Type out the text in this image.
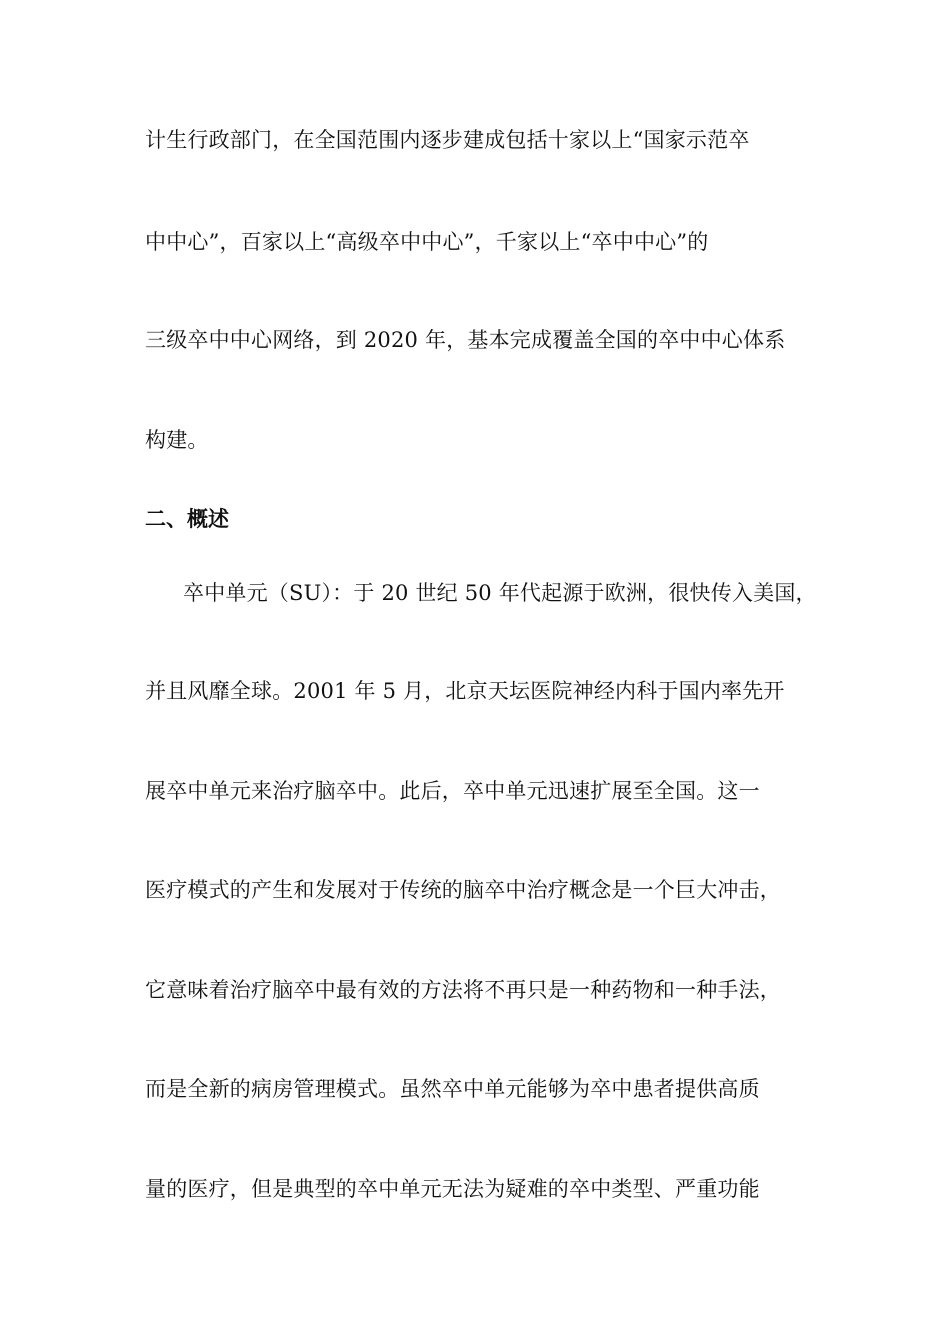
计生行政部门，在全国范围内逐步建成包括十家以上“国家示范卒
中中心”，百家以上“高级卒中中心”，千家以上“卒中中心”的
三级卒中中心网络，到 2020 年，基本完成覆盖全国的卒中中心体系
构建。
二、概述
卒中单元（SU）：于 20 世纪 50 年代起源于欧洲，很快传入美国，
并且风靡全球。2001 年 5 月，北京天坛医院神经内科于国内率先开
展卒中单元来治疗脑卒中。此后，卒中单元迅速扩展至全国。这一
医疗模式的产生和发展对于传统的脑卒中治疗概念是一个巨大冲击，
它意味着治疗脑卒中最有效的方法将不再只是一种药物和一种手法，
而是全新的病房管理模式。虽然卒中单元能够为卒中患者提供高质
量的医疗，但是典型的卒中单元无法为疑难的卒中类型、严重功能
